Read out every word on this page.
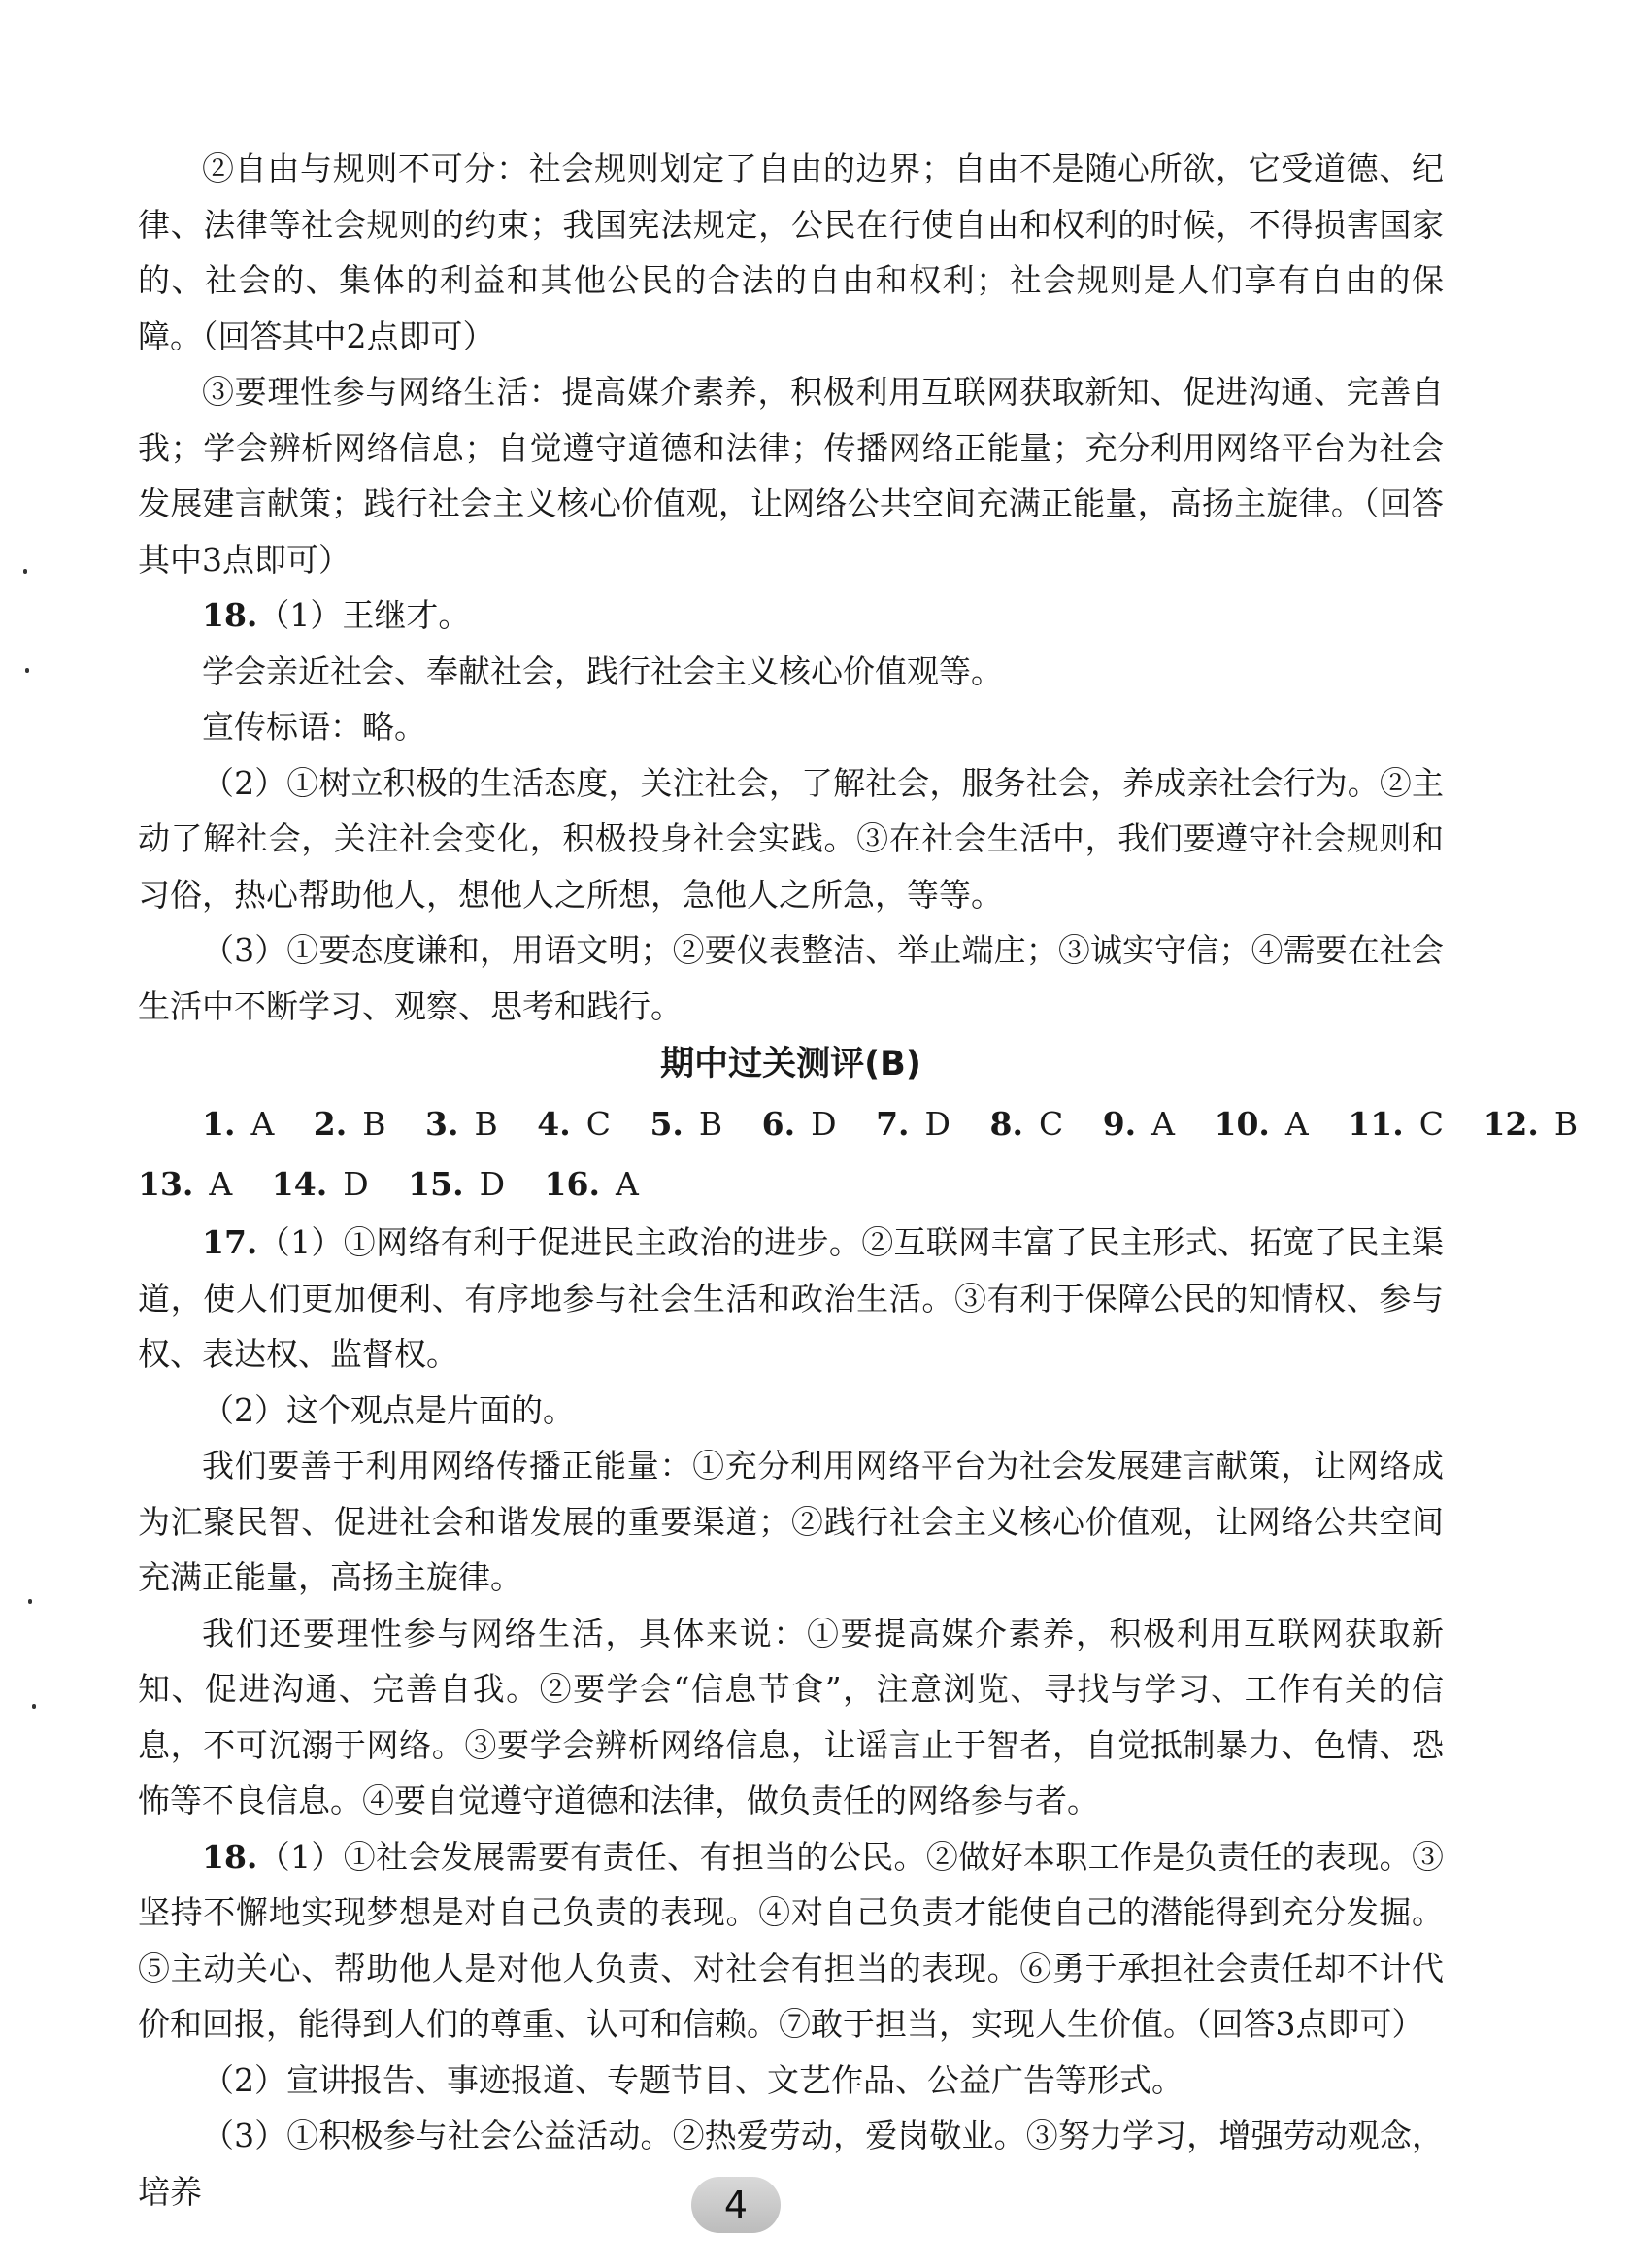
②自由与规则不可分：社会规则划定了自由的边界；自由不是随心所欲，它受道德、纪律、法律等社会规则的约束；我国宪法规定，公民在行使自由和权利的时候，不得损害国家的、社会的、集体的利益和其他公民的合法的自由和权利；社会规则是人们享有自由的保障。（回答其中2点即可）

③要理性参与网络生活：提高媒介素养，积极利用互联网获取新知、促进沟通、完善自我；学会辨析网络信息；自觉遵守道德和法律；传播网络正能量；充分利用网络平台为社会发展建言献策；践行社会主义核心价值观，让网络公共空间充满正能量，高扬主旋律。（回答其中3点即可）

18.（1）王继才。

学会亲近社会、奉献社会，践行社会主义核心价值观等。

宣传标语：略。

（2）①树立积极的生活态度，关注社会，了解社会，服务社会，养成亲社会行为。②主动了解社会，关注社会变化，积极投身社会实践。③在社会生活中，我们要遵守社会规则和习俗，热心帮助他人，想他人之所想，急他人之所急，等等。

（3）①要态度谦和，用语文明；②要仪表整洁、举止端庄；③诚实守信；④需要在社会生活中不断学习、观察、思考和践行。

期中过关测评(B)
1. A 2. B 3. B 4. C 5. B 6. D 7. D 8. C 9. A 10. A 11. C 12. B
13. A 14. D 15. D 16. A

17.（1）①网络有利于促进民主政治的进步。②互联网丰富了民主形式、拓宽了民主渠道，使人们更加便利、有序地参与社会生活和政治生活。③有利于保障公民的知情权、参与权、表达权、监督权。

（2）这个观点是片面的。

我们要善于利用网络传播正能量：①充分利用网络平台为社会发展建言献策，让网络成为汇聚民智、促进社会和谐发展的重要渠道；②践行社会主义核心价值观，让网络公共空间充满正能量，高扬主旋律。

我们还要理性参与网络生活，具体来说：①要提高媒介素养，积极利用互联网获取新知、促进沟通、完善自我。②要学会“信息节食”，注意浏览、寻找与学习、工作有关的信息，不可沉溺于网络。③要学会辨析网络信息，让谣言止于智者，自觉抵制暴力、色情、恐怖等不良信息。④要自觉遵守道德和法律，做负责任的网络参与者。

18.（1）①社会发展需要有责任、有担当的公民。②做好本职工作是负责任的表现。③坚持不懈地实现梦想是对自己负责的表现。④对自己负责才能使自己的潜能得到充分发掘。⑤主动关心、帮助他人是对他人负责、对社会有担当的表现。⑥勇于承担社会责任却不计代价和回报，能得到人们的尊重、认可和信赖。⑦敢于担当，实现人生价值。（回答3点即可）

（2）宣讲报告、事迹报道、专题节目、文艺作品、公益广告等形式。

（3）①积极参与社会公益活动。②热爱劳动，爱岗敬业。③努力学习，增强劳动观念，培养	4
